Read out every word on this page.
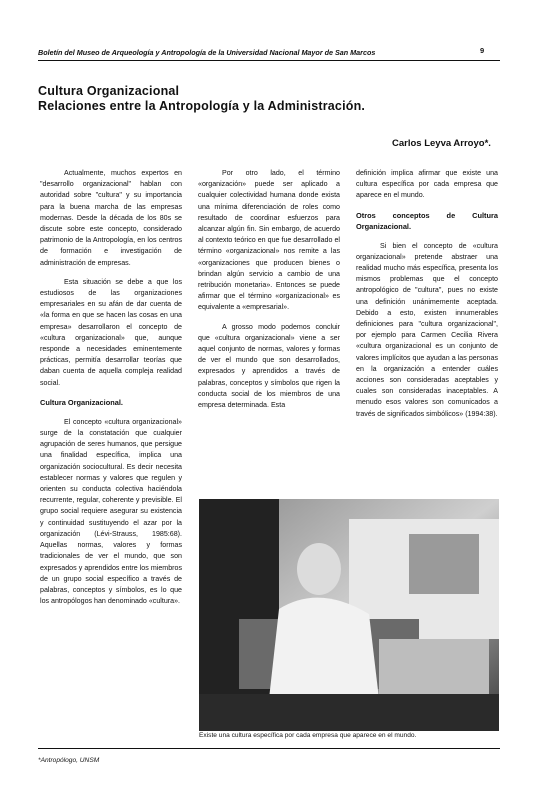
Boletín del Museo de Arqueología y Antropología de la Universidad Nacional Mayor de San Marcos	9
Cultura Organizacional
Relaciones entre la Antropología y la Administración.
Carlos Leyva Arroyo*.

Actualmente, muchos expertos en "desarrollo organizacional" hablan con autoridad sobre "cultura" y su importancia para la buena marcha de las empresas modernas. Desde la década de los 80s se discute sobre este concepto, considerado patrimonio de la Antropología, en los centros de formación e investigación de administración de empresas.

Esta situación se debe a que los estudiosos de las organizaciones empresariales en su afán de dar cuenta de «la forma en que se hacen las cosas en una empresa» desarrollaron el concepto de «cultura organizacional» que, aunque responde a necesidades eminentemente prácticas, permitía desarrollar teorías que daban cuenta de aquella compleja realidad social.

Cultura Organizacional.

El concepto «cultura organizacional» surge de la constatación que cualquier agrupación de seres humanos, que persigue una finalidad específica, implica una organización sociocultural. Es decir necesita establecer normas y valores que regulen y orienten su conducta colectiva haciéndola recurrente, regular, coherente y previsible. El grupo social requiere asegurar su existencia y continuidad sustituyendo el azar por la organización (Lévi-Strauss, 1985:68). Aquellas normas, valores y formas tradicionales de ver el mundo, que son expresados y aprendidos entre los miembros de un grupo social específico a través de palabras, conceptos y símbolos, es lo que los antropólogos han denominado «cultura».

Por otro lado, el término «organización» puede ser aplicado a cualquier colectividad humana donde exista una mínima diferenciación de roles como resultado de coordinar esfuerzos para alcanzar algún fin. Sin embargo, de acuerdo al contexto teórico en que fue desarrollado el término «organizacional» nos remite a las «organizaciones que producen bienes o brindan algún servicio a cambio de una retribución monetaria». Entonces se puede afirmar que el término «organizacional» es equivalente a «empresarial».

A grosso modo podemos concluir que «cultura organizacional» viene a ser aquel conjunto de normas, valores y formas de ver el mundo que son desarrollados, expresados y aprendidos a través de palabras, conceptos y símbolos que rigen la conducta social de los miembros de una empresa determinada. Esta

definición implica afirmar que existe una cultura específica por cada empresa que aparece en el mundo.

Otros conceptos de Cultura Organizacional.

Si bien el concepto de «cultura organizacional» pretende abstraer una realidad mucho más específica, presenta los mismos problemas que el concepto antropológico de "cultura", pues no existe una definición unánimemente aceptada. Debido a esto, existen innumerables definiciones para "cultura organizacional", por ejemplo para Carmen Cecilia Rivera «cultura organizacional es un conjunto de valores implícitos que ayudan a las personas en la organización a entender cuáles acciones son consideradas aceptables y cuales son consideradas inaceptables. A menudo esos valores son comunicados a través de significados simbólicos» (1994:38).

Existe una cultura específica por cada empresa que aparece en el mundo.
*Antropólogo, UNSM
